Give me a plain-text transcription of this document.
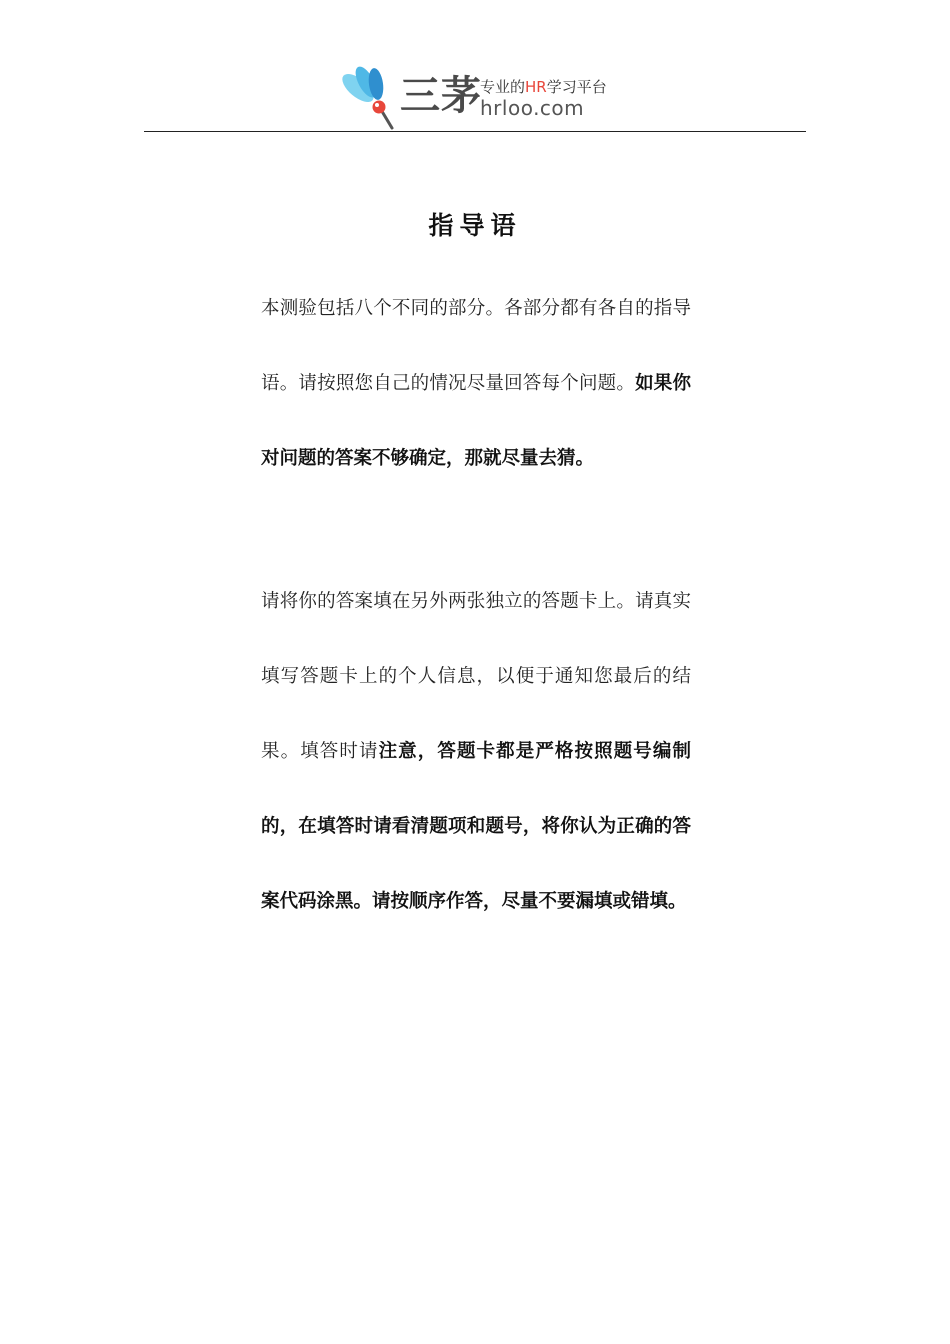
三茅
专业的HR学习平台
hrloo.com
指导语

本测验包括八个不同的部分。各部分都有各自的指导语。请按照您自己的情况尽量回答每个问题。如果你对问题的答案不够确定，那就尽量去猜。

请将你的答案填在另外两张独立的答题卡上。请真实填写答题卡上的个人信息，以便于通知您最后的结果。填答时请注意，答题卡都是严格按照题号编制的，在填答时请看清题项和题号，将你认为正确的答案代码涂黑。请按顺序作答，尽量不要漏填或错填。
